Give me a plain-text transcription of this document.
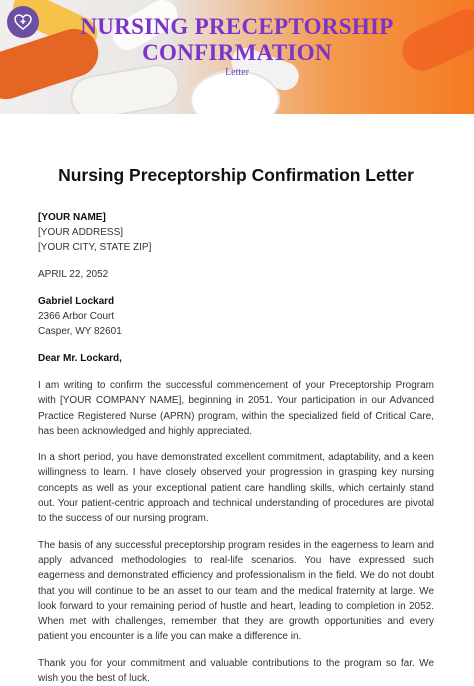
NURSING PRECEPTORSHIP
CONFIRMATION
Letter
Nursing Preceptorship Confirmation Letter
[YOUR NAME]
[YOUR ADDRESS]
[YOUR CITY, STATE ZIP]
APRIL 22, 2052
Gabriel Lockard
2366 Arbor Court
Casper, WY 82601
Dear Mr. Lockard,

I am writing to confirm the successful commencement of your Preceptorship Program with [YOUR COMPANY NAME], beginning in 2051. Your participation in our Advanced Practice Registered Nurse (APRN) program, within the specialized field of Critical Care, has been acknowledged and highly appreciated.

In a short period, you have demonstrated excellent commitment, adaptability, and a keen willingness to learn. I have closely observed your progression in grasping key nursing concepts as well as your exceptional patient care handling skills, which certainly stand out. Your patient-centric approach and technical understanding of procedures are pivotal to the success of our nursing program.

The basis of any successful preceptorship program resides in the eagerness to learn and apply advanced methodologies to real-life scenarios. You have expressed such eagerness and demonstrated efficiency and professionalism in the field. We do not doubt that you will continue to be an asset to our team and the medical fraternity at large. We look forward to your remaining period of hustle and heart, leading to completion in 2052. When met with challenges, remember that they are growth opportunities and every patient you encounter is a life you can make a difference in.

Thank you for your commitment and valuable contributions to the program so far. We wish you the best of luck.
